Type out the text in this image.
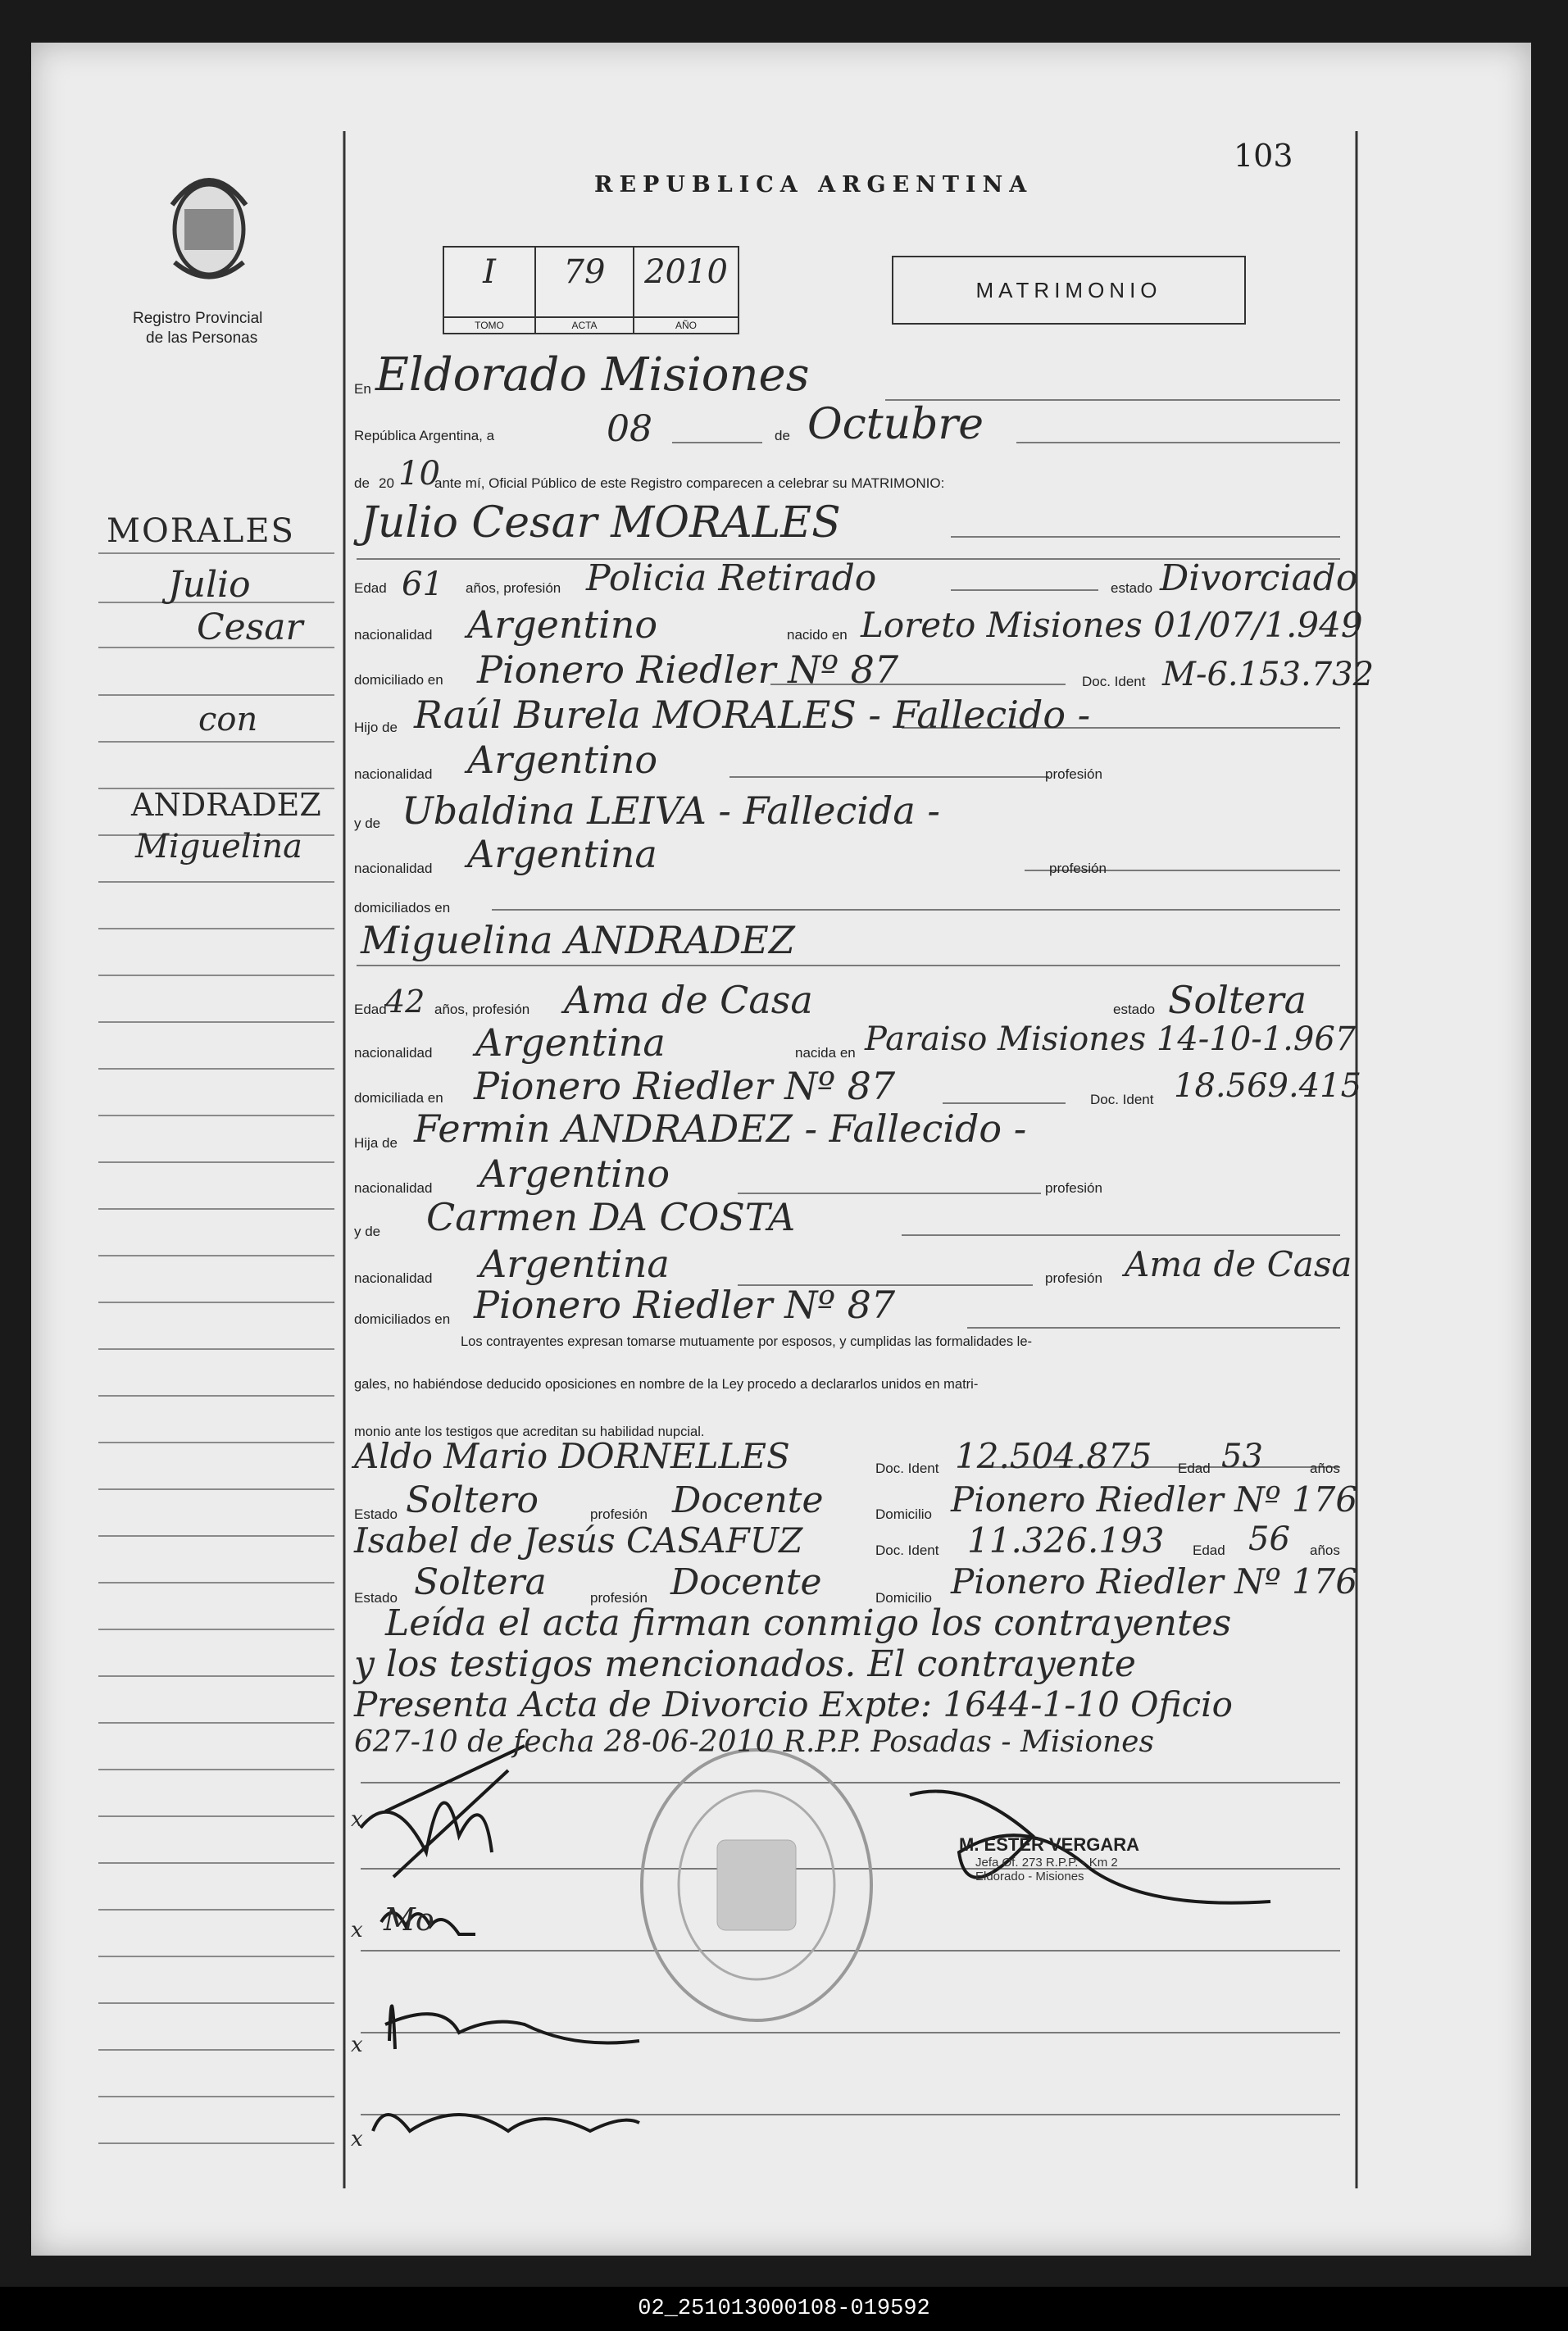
103
Registro Provincial
de las Personas
REPUBLICA ARGENTINA
I
TOMO
79
ACTA
2010
AÑO
MATRIMONIO
MORALES
Julio
Cesar
con
ANDRADEZ
Miguelina
En Eldorado Misiones
República Argentina, a	08	de Octubre
de 20 10
ante mí, Oficial Público de este Registro comparecen a celebrar su MATRIMONIO:
Julio Cesar MORALES
Edad 61 años, profesión Policia Retirado	estado Divorciado
nacionalidad Argentino	nacido en Loreto Misiones 01/07/1.949
domiciliado en Pionero Riedler Nº 87	Doc. Ident M-6.153.732
Hijo de Raúl Burela MORALES - Fallecido -
nacionalidad Argentino	profesión
y de Ubaldina LEIVA - Fallecida -
nacionalidad Argentina	profesión
domiciliados en
Miguelina ANDRADEZ
Edad
42 años, profesión Ama de Casa	estado Soltera
nacionalidad Argentina	nacida en Paraiso Misiones 14-10-1.967
domiciliada en Pionero Riedler Nº 87	Doc. Ident 18.569.415
Hija de Fermin ANDRADEZ - Fallecido -
nacionalidad Argentino	profesión
y de Carmen DA COSTA
nacionalidad Argentina	profesión Ama de Casa
domiciliados en Pionero Riedler Nº 87
Los contrayentes expresan tomarse mutuamente por esposos, y cumplidas las formalidades le-
gales, no habiéndose deducido oposiciones en nombre de la Ley procedo a declararlos unidos en matri-
monio ante los testigos que acreditan su habilidad nupcial.
Aldo Mario DORNELLES	Doc. Ident 12.504.875 Edad 53	años
Estado Soltero	profesión Docente	Domicilio Pionero Riedler Nº 176
Isabel de Jesús CASAFUZ	Doc. Ident 11.326.193 Edad 56 años
Estado Soltera	profesión Docente	Domicilio Pionero Riedler Nº 176
Leída el acta firman conmigo los contrayentes
y los testigos mencionados. El contrayente
Presenta Acta de Divorcio Expte: 1644-1-10 Oficio
627-10 de fecha 28-06-2010 R.P.P. Posadas - Misiones
x
x
x
x
Mo
M. ESTER VERGARA
Jefa Of. 273 R.P.P. - Km 2
Eldorado - Misiones
02_251013000108-019592
